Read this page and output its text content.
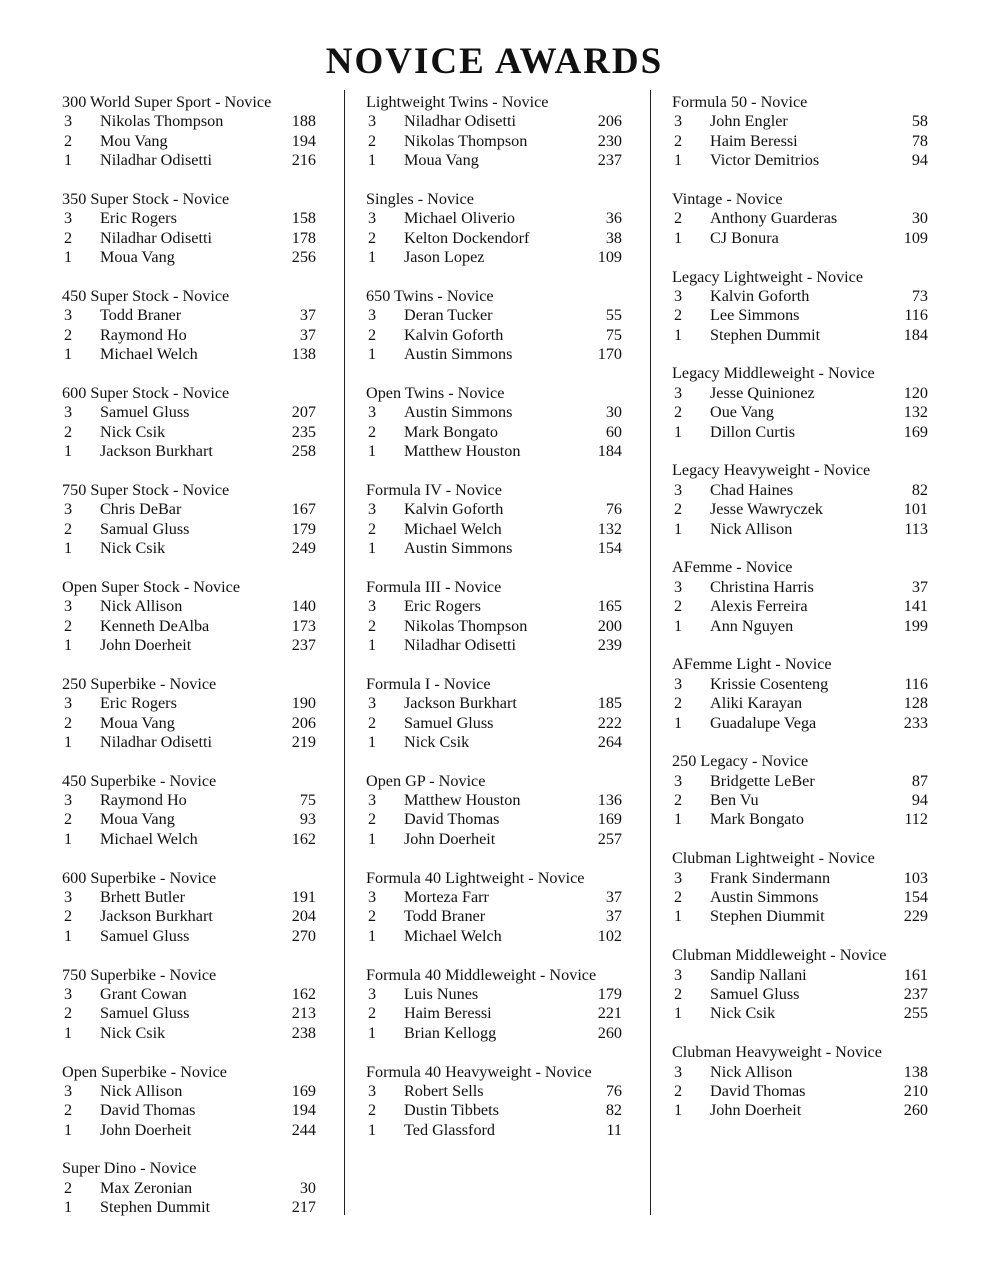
NOVICE AWARDS
300 World Super Sport - Novice
3 Nikolas Thompson	188
2 Mou Vang	194
1 Niladhar Odisetti	216
350 Super Stock - Novice
3 Eric Rogers	158
2 Niladhar Odisetti	178
1 Moua Vang	256
450 Super Stock - Novice
3 Todd Braner	37
2 Raymond Ho	37
1 Michael Welch	138
600 Super Stock - Novice
3 Samuel Gluss	207
2 Nick Csik	235
1 Jackson Burkhart	258
750 Super Stock - Novice
3 Chris DeBar	167
2 Samual Gluss	179
1 Nick Csik	249
Open Super Stock - Novice
3 Nick Allison	140
2 Kenneth DeAlba	173
1 John Doerheit	237
250 Superbike - Novice
3 Eric Rogers	190
2 Moua Vang	206
1 Niladhar Odisetti	219
450 Superbike - Novice
3 Raymond Ho	75
2 Moua Vang	93
1 Michael Welch	162
600 Superbike - Novice
3 Brhett Butler	191
2 Jackson Burkhart	204
1 Samuel Gluss	270
750 Superbike - Novice
3 Grant Cowan	162
2 Samuel Gluss	213
1 Nick Csik	238
Open Superbike - Novice
3 Nick Allison	169
2 David Thomas	194
1 John Doerheit	244
Super Dino - Novice
2 Max Zeronian	30
1 Stephen Dummit	217
Lightweight Twins - Novice
3 Niladhar Odisetti	206
2 Nikolas Thompson	230
1 Moua Vang	237
Singles - Novice
3 Michael Oliverio	36
2 Kelton Dockendorf	38
1 Jason Lopez	109
650 Twins - Novice
3 Deran Tucker	55
2 Kalvin Goforth	75
1 Austin Simmons	170
Open Twins - Novice
3 Austin Simmons	30
2 Mark Bongato	60
1 Matthew Houston	184
Formula IV - Novice
3 Kalvin Goforth	76
2 Michael Welch	132
1 Austin Simmons	154
Formula III - Novice
3 Eric Rogers	165
2 Nikolas Thompson	200
1 Niladhar Odisetti	239
Formula I - Novice
3 Jackson Burkhart	185
2 Samuel Gluss	222
1 Nick Csik	264
Open GP - Novice
3 Matthew Houston	136
2 David Thomas	169
1 John Doerheit	257
Formula 40 Lightweight - Novice
3 Morteza Farr	37
2 Todd Braner	37
1 Michael Welch	102
Formula 40 Middleweight - Novice
3 Luis Nunes	179
2 Haim Beressi	221
1 Brian Kellogg	260
Formula 40 Heavyweight - Novice
3 Robert Sells	76
2 Dustin Tibbets	82
1 Ted Glassford	11
Formula 50 - Novice
3 John Engler	58
2 Haim Beressi	78
1 Victor Demitrios	94
Vintage - Novice
2 Anthony Guarderas	30
1 CJ Bonura	109
Legacy Lightweight - Novice
3 Kalvin Goforth	73
2 Lee Simmons	116
1 Stephen Dummit	184
Legacy Middleweight - Novice
3 Jesse Quinionez	120
2 Oue Vang	132
1 Dillon Curtis	169
Legacy Heavyweight - Novice
3 Chad Haines	82
2 Jesse Wawryczek	101
1 Nick Allison	113
AFemme - Novice
3 Christina Harris	37
2 Alexis Ferreira	141
1 Ann Nguyen	199
AFemme Light - Novice
3 Krissie Cosenteng	116
2 Aliki Karayan	128
1 Guadalupe Vega	233
250 Legacy - Novice
3 Bridgette LeBer	87
2 Ben Vu	94
1 Mark Bongato	112
Clubman Lightweight - Novice
3 Frank Sindermann	103
2 Austin Simmons	154
1 Stephen Diummit	229
Clubman Middleweight - Novice
3 Sandip Nallani	161
2 Samuel Gluss	237
1 Nick Csik	255
Clubman Heavyweight - Novice
3 Nick Allison	138
2 David Thomas	210
1 John Doerheit	260
